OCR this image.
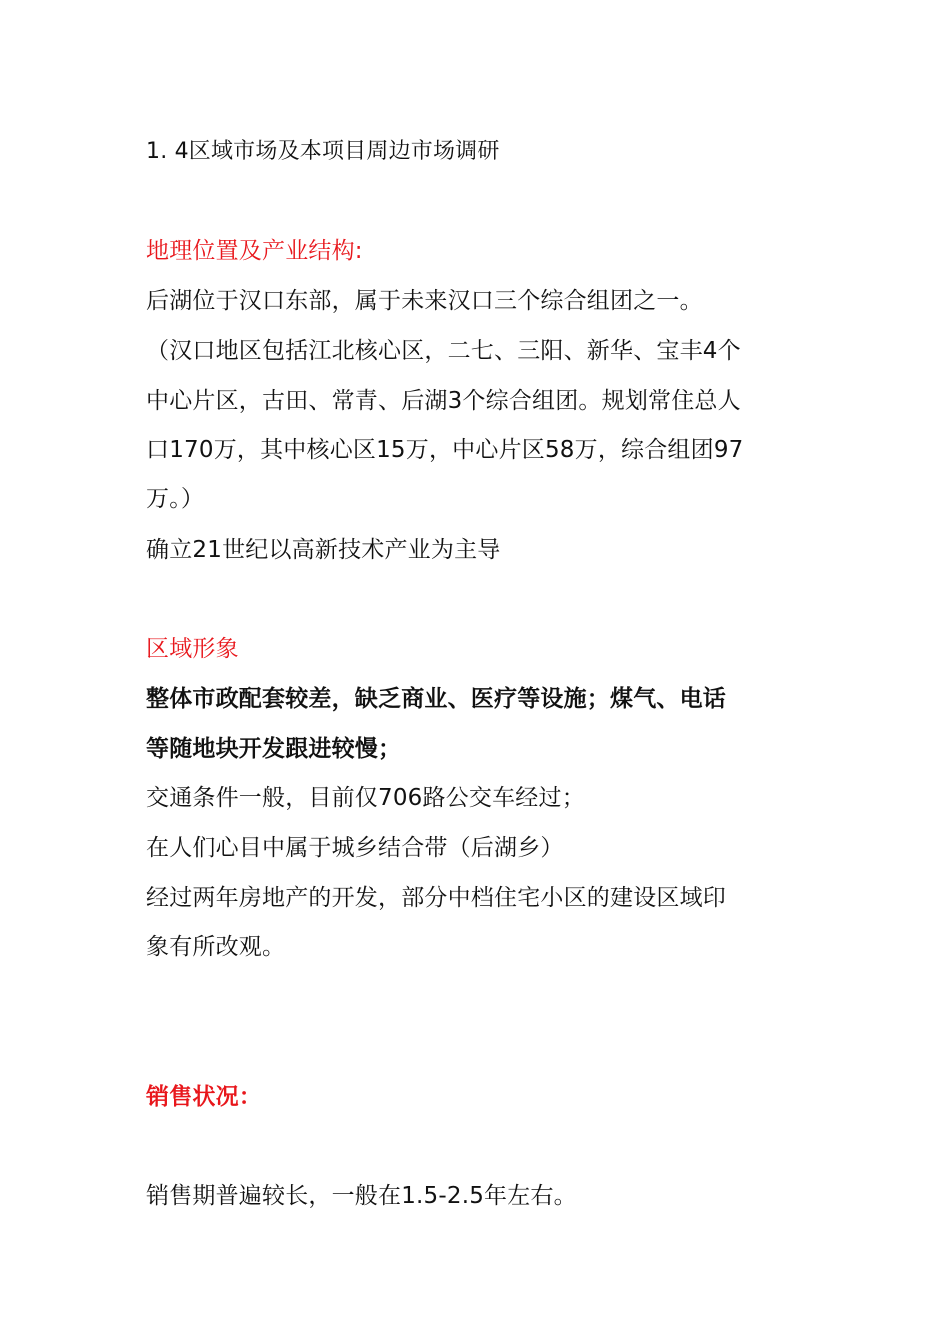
1. 4区域市场及本项目周边市场调研
地理位置及产业结构:
后湖位于汉口东部，属于未来汉口三个综合组团之一。
（汉口地区包括江北核心区，二七、三阳、新华、宝丰4个
中心片区，古田、常青、后湖3个综合组团。规划常住总人
口170万，其中核心区15万，中心片区58万，综合组团97
万。）
确立21世纪以高新技术产业为主导
区域形象
整体市政配套较差，缺乏商业、医疗等设施；煤气、电话
等随地块开发跟进较慢；
交通条件一般，目前仅706路公交车经过；
在人们心目中属于城乡结合带（后湖乡）
经过两年房地产的开发，部分中档住宅小区的建设区域印
象有所改观。
销售状况：
销售期普遍较长，一般在1.5-2.5年左右。
